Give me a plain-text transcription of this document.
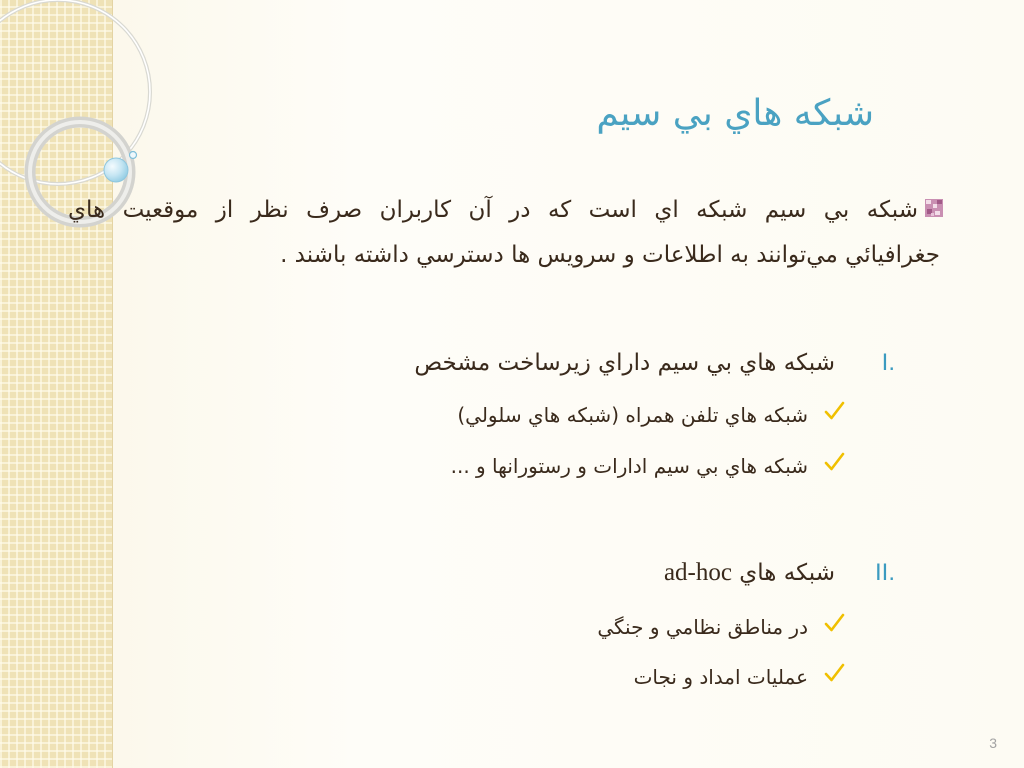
شبكه هاي بي سيم
شبكه بي سيم شبكه اي است كه در آن كاربران صرف نظر از موقعيت هاي
جغرافيائي مي‌توانند به اطلاعات و سرويس ها دسترسي داشته باشند .
I.
شبكه هاي بي سيم داراي زيرساخت مشخص
شبكه هاي تلفن همراه (شبكه هاي سلولي)
شبكه هاي بي سيم ادارات و رستورانها و ...
II.
شبكه هاي ad-hoc
در مناطق نظامي و جنگي
عمليات امداد و نجات
3
